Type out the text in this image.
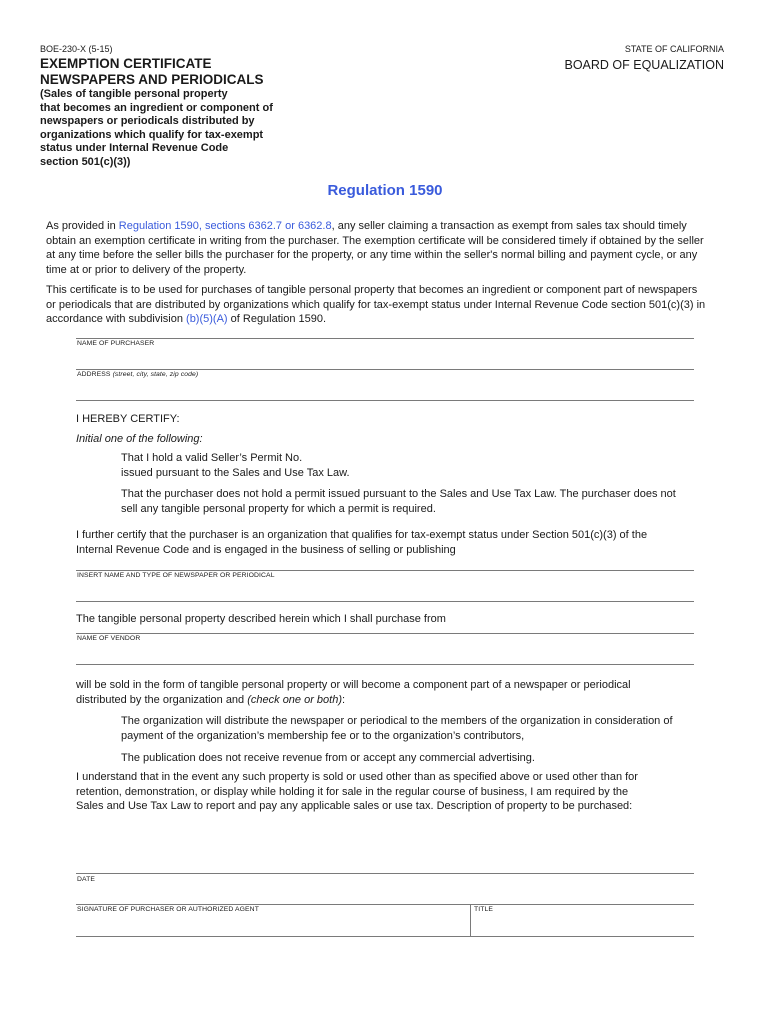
BOE-230-X (5-15)	STATE OF CALIFORNIA
EXEMPTION CERTIFICATE
NEWSPAPERS AND PERIODICALS
BOARD OF EQUALIZATION
(Sales of tangible personal property
that becomes an ingredient or component of
newspapers or periodicals distributed by
organizations which qualify for tax-exempt
status under Internal Revenue Code
section 501(c)(3))
Regulation 1590
As provided in Regulation 1590, sections 6362.7 or 6362.8, any seller claiming a transaction as exempt from sales tax should timely
obtain an exemption certificate in writing from the purchaser. The exemption certificate will be considered timely if obtained by the seller
at any time before the seller bills the purchaser for the property, or any time within the seller's normal billing and payment cycle, or any
time at or prior to delivery of the property.
This certificate is to be used for purchases of tangible personal property that becomes an ingredient or component part of newspapers
or periodicals that are distributed by organizations which qualify for tax-exempt status under Internal Revenue Code section 501(c)(3) in
accordance with subdivision (b)(5)(A) of Regulation 1590.
NAME OF PURCHASER
ADDRESS (street, city, state, zip code)
I HEREBY CERTIFY:
Initial one of the following:
That I hold a valid Seller’s Permit No.
issued pursuant to the Sales and Use Tax Law.
That the purchaser does not hold a permit issued pursuant to the Sales and Use Tax Law. The purchaser does not
sell any tangible personal property for which a permit is required.
I further certify that the purchaser is an organization that qualifies for tax-exempt status under Section 501(c)(3) of the
Internal Revenue Code and is engaged in the business of selling or publishing
INSERT NAME AND TYPE OF NEWSPAPER OR PERIODICAL
The tangible personal property described herein which I shall purchase from
NAME OF VENDOR
will be sold in the form of tangible personal property or will become a component part of a newspaper or periodical
distributed by the organization and (check one or both):
The organization will distribute the newspaper or periodical to the members of the organization in consideration of
payment of the organization’s membership fee or to the organization’s contributors,
The publication does not receive revenue from or accept any commercial advertising.
I understand that in the event any such property is sold or used other than as specified above or used other than for
retention, demonstration, or display while holding it for sale in the regular course of business, I am required by the
Sales and Use Tax Law to report and pay any applicable sales or use tax. Description of property to be purchased:
DATE
SIGNATURE OF PURCHASER OR AUTHORIZED AGENT	TITLE
